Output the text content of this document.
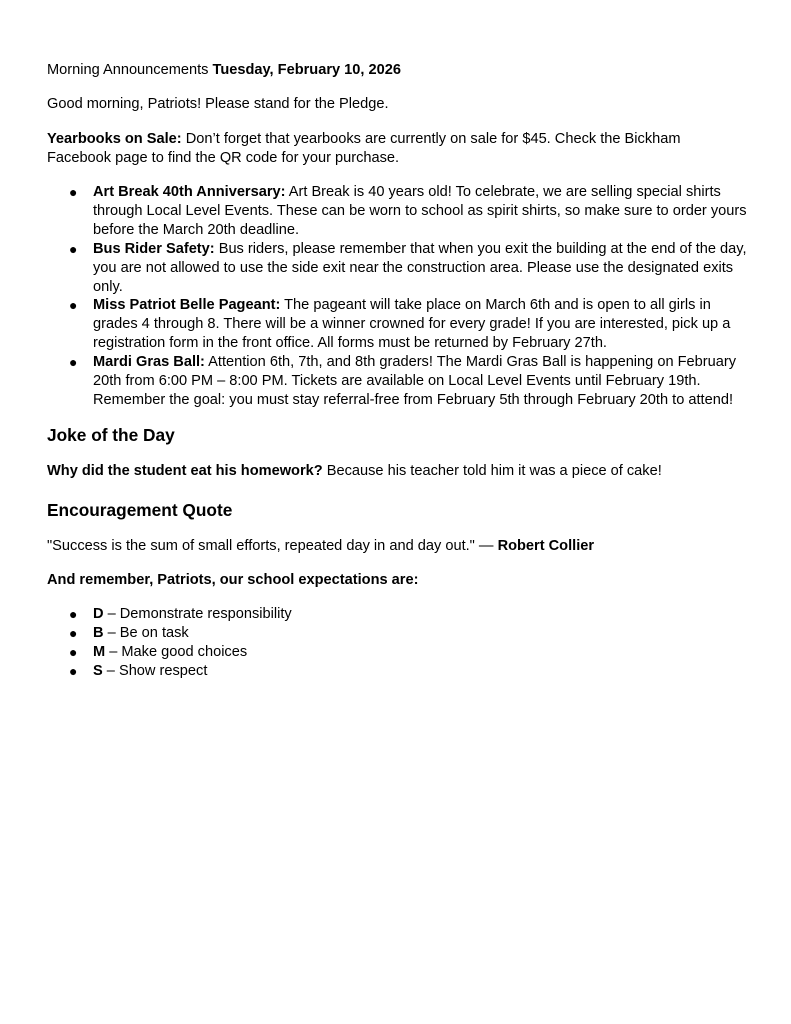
Morning Announcements Tuesday, February 10, 2026

Good morning, Patriots! Please stand for the Pledge.

Yearbooks on Sale: Don’t forget that yearbooks are currently on sale for $45. Check the Bickham Facebook page to find the QR code for your purchase.

● Art Break 40th Anniversary: Art Break is 40 years old! To celebrate, we are selling special shirts through Local Level Events. These can be worn to school as spirit shirts, so make sure to order yours before the March 20th deadline.
● Bus Rider Safety: Bus riders, please remember that when you exit the building at the end of the day, you are not allowed to use the side exit near the construction area. Please use the designated exits only.
● Miss Patriot Belle Pageant: The pageant will take place on March 6th and is open to all girls in grades 4 through 8. There will be a winner crowned for every grade! If you are interested, pick up a registration form in the front office. All forms must be returned by February 27th.
● Mardi Gras Ball: Attention 6th, 7th, and 8th graders! The Mardi Gras Ball is happening on February 20th from 6:00 PM – 8:00 PM. Tickets are available on Local Level Events until February 19th. Remember the goal: you must stay referral-free from February 5th through February 20th to attend!
Joke of the Day

Why did the student eat his homework? Because his teacher told him it was a piece of cake!

Encouragement Quote

"Success is the sum of small efforts, repeated day in and day out." — Robert Collier

And remember, Patriots, our school expectations are:

● D – Demonstrate responsibility
● B – Be on task
● M – Make good choices
● S – Show respect
